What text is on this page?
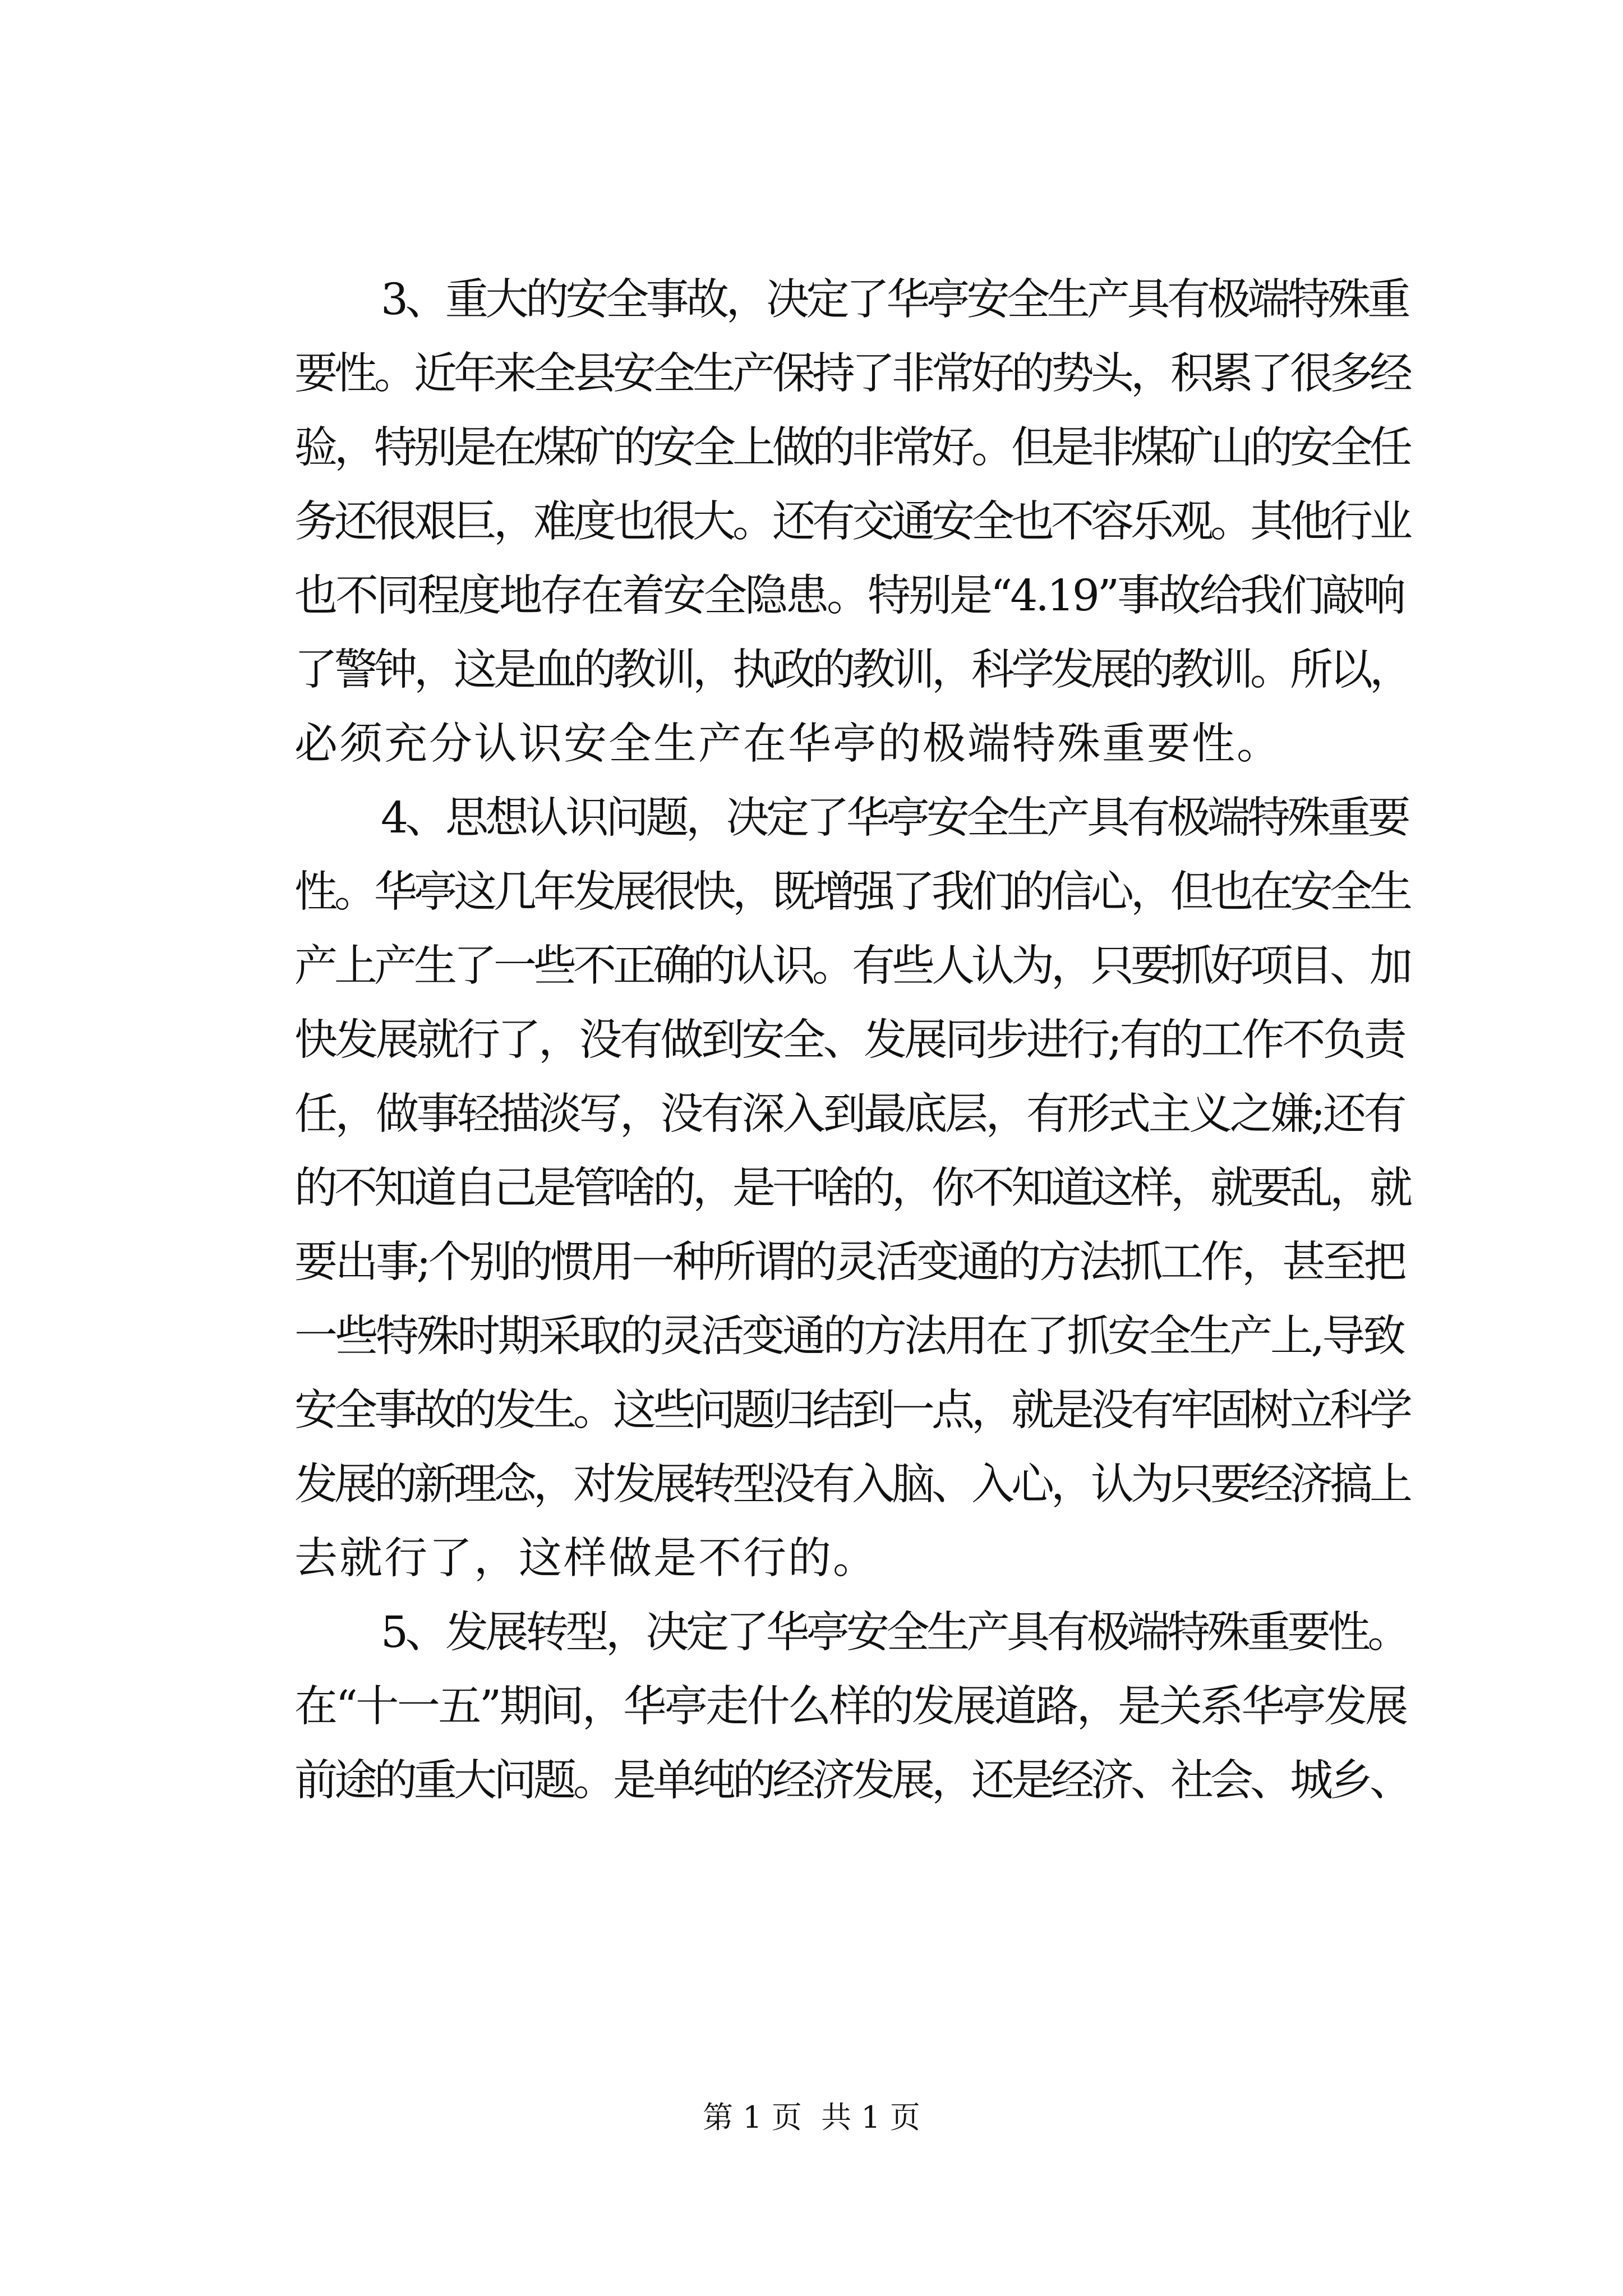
3、重大的安全事故，决定了华亭安全生产具有极端特殊重
要性。近年来全县安全生产保持了非常好的势头，积累了很多经
验，特别是在煤矿的安全上做的非常好。但是非煤矿山的安全任
务还很艰巨，难度也很大。还有交通安全也不容乐观。其他行业
也不同程度地存在着安全隐患。特别是“4.19”事故给我们敲响
了警钟，这是血的教训，执政的教训，科学发展的教训。所以，
必须充分认识安全生产在华亭的极端特殊重要性。

4、思想认识问题，决定了华亭安全生产具有极端特殊重要
性。华亭这几年发展很快，既增强了我们的信心，但也在安全生
产上产生了一些不正确的认识。有些人认为，只要抓好项目、加
快发展就行了，没有做到安全、发展同步进行;有的工作不负责
任，做事轻描淡写，没有深入到最底层，有形式主义之嫌;还有
的不知道自己是管啥的，是干啥的，你不知道这样，就要乱，就
要出事;个别的惯用一种所谓的灵活变通的方法抓工作，甚至把
一些特殊时期采取的灵活变通的方法用在了抓安全生产上,导致
安全事故的发生。这些问题归结到一点，就是没有牢固树立科学
发展的新理念，对发展转型没有入脑、入心，认为只要经济搞上
去就行了，这样做是不行的。

5、发展转型，决定了华亭安全生产具有极端特殊重要性。
在“十一五”期间，华亭走什么样的发展道路，是关系华亭发展
前途的重大问题。是单纯的经济发展，还是经济、社会、城乡、

第 1 页  共 1 页
